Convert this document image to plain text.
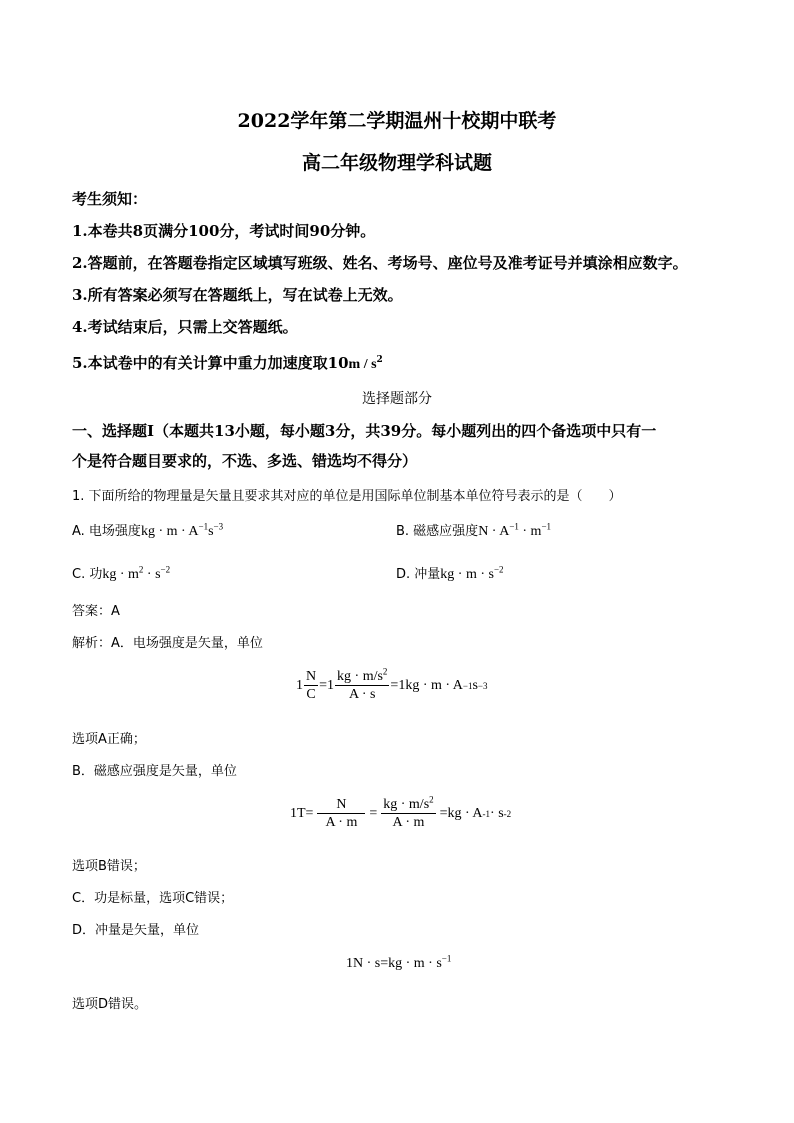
2022学年第二学期温州十校期中联考
高二年级物理学科试题
考生须知：
1.本卷共8页满分100分，考试时间90分钟。
2.答题前，在答题卷指定区域填写班级、姓名、考场号、座位号及准考证号并填涂相应数字。
3.所有答案必须写在答题纸上，写在试卷上无效。
4.考试结束后，只需上交答题纸。
5.本试卷中的有关计算中重力加速度取$10m / s^2$
选择题部分
一、选择题Ⅰ（本题共13小题，每小题3分，共39分。每小题列出的四个备选项中只有一
个是符合题目要求的，不选、多选、错选均不得分）
1. 下面所给的物理量是矢量且要求其对应的单位是用国际单位制基本单位符号表示的是（　　）
A. 电场强度kg · $m \cdot A^{-1}s^{-3}$	B. 磁感应强度$N \cdot A^{-1} \cdot m^{-1}$
C. 功kg · $m^2 \cdot s^{-2}$	D. 冲量kg · $m \cdot s^{-2}$
答案：A
解析：A．电场强度是矢量，单位
$1 \frac{N}{C} =1 \frac{kg \cdot m/s^2}{A \cdot s} =1kg \cdot m \cdot A -1$ s −3
选项A正确；
B．磁感应强度是矢量，单位
$1T= \frac{N}{A \cdot m} = \frac{kg \cdot m/s^2}{A \cdot m} =kg \cdot A$ -1 · s -2
选项B错误；
C．功是标量，选项C错误；
D．冲量是矢量，单位
$1N \cdot s=kg \cdot m \cdot s^{-1}$
选项D错误。
